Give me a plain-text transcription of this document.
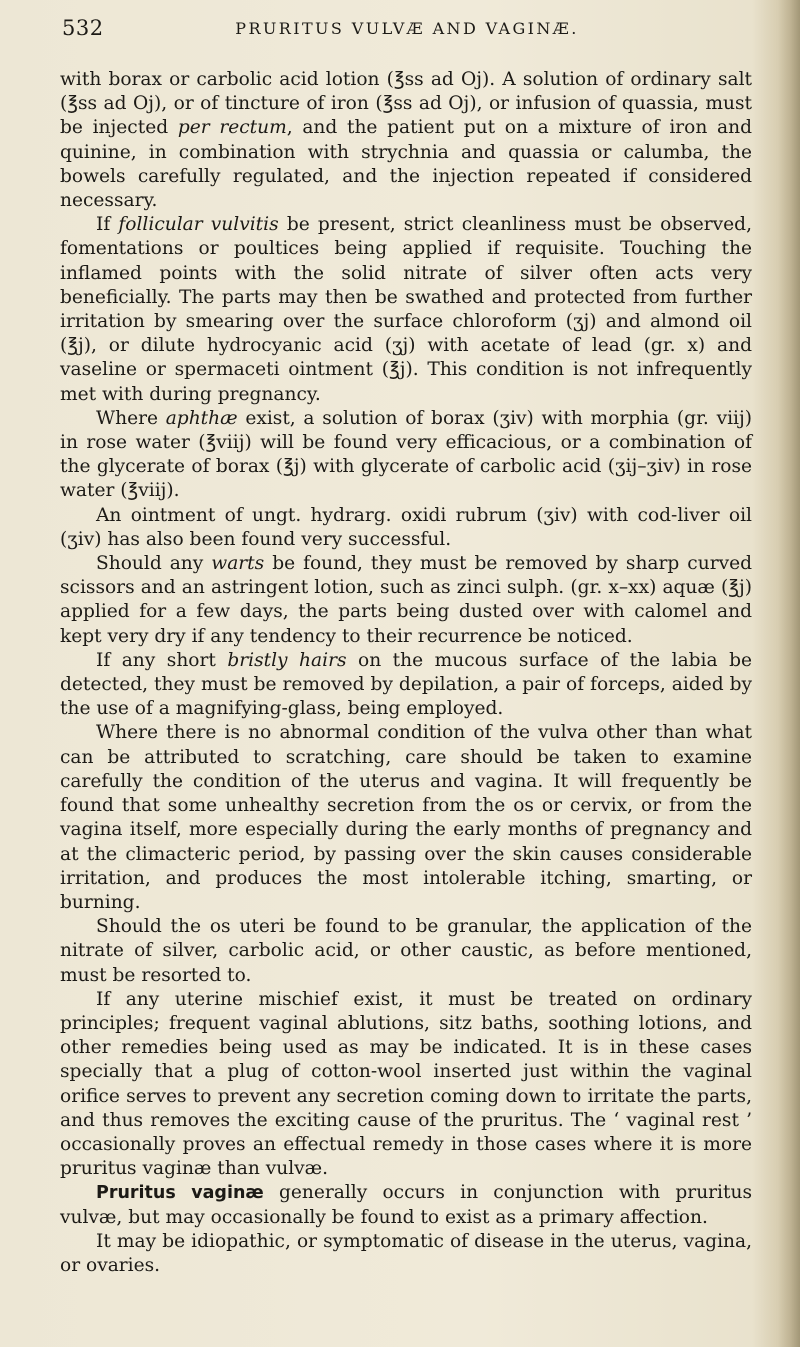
532	PRURITUS VULVÆ AND VAGINÆ.

with borax or carbolic acid lotion (℥ss ad Oj). A solution of ordinary salt (℥ss ad Oj), or of tincture of iron (℥ss ad Oj), or infusion of quassia, must be injected per rectum, and the patient put on a mixture of iron and quinine, in combination with strychnia and quassia or calumba, the bowels carefully regulated, and the injection repeated if considered necessary.

If follicular vulvitis be present, strict cleanliness must be observed, fomentations or poultices being applied if requisite. Touching the inflamed points with the solid nitrate of silver often acts very beneficially. The parts may then be swathed and protected from further irritation by smearing over the surface chloroform (ʒj) and almond oil (℥j), or dilute hydrocyanic acid (ʒj) with acetate of lead (gr. x) and vaseline or spermaceti ointment (℥j). This condition is not infrequently met with during pregnancy.

Where aphthæ exist, a solution of borax (ʒiv) with morphia (gr. viij) in rose water (℥viij) will be found very efficacious, or a combination of the glycerate of borax (℥j) with glycerate of carbolic acid (ʒij–ʒiv) in rose water (℥viij).

An ointment of ungt. hydrarg. oxidi rubrum (ʒiv) with cod-liver oil (ʒiv) has also been found very successful.

Should any warts be found, they must be removed by sharp curved scissors and an astringent lotion, such as zinci sulph. (gr. x–xx) aquæ (℥j) applied for a few days, the parts being dusted over with calomel and kept very dry if any tendency to their recurrence be noticed.

If any short bristly hairs on the mucous surface of the labia be detected, they must be removed by depilation, a pair of forceps, aided by the use of a magnifying-glass, being employed.

Where there is no abnormal condition of the vulva other than what can be attributed to scratching, care should be taken to examine carefully the condition of the uterus and vagina. It will frequently be found that some unhealthy secretion from the os or cervix, or from the vagina itself, more especially during the early months of pregnancy and at the climacteric period, by passing over the skin causes considerable irritation, and produces the most intolerable itching, smarting, or burning.

Should the os uteri be found to be granular, the application of the nitrate of silver, carbolic acid, or other caustic, as before mentioned, must be resorted to.

If any uterine mischief exist, it must be treated on ordinary principles; frequent vaginal ablutions, sitz baths, soothing lotions, and other remedies being used as may be indicated. It is in these cases specially that a plug of cotton-wool inserted just within the vaginal orifice serves to prevent any secretion coming down to irritate the parts, and thus removes the exciting cause of the pruritus. The ‘ vaginal rest ’ occasionally proves an effectual remedy in those cases where it is more pruritus vaginæ than vulvæ.

Pruritus vaginæ generally occurs in conjunction with pruritus vulvæ, but may occasionally be found to exist as a primary affection.

It may be idiopathic, or symptomatic of disease in the uterus, vagina, or ovaries.
